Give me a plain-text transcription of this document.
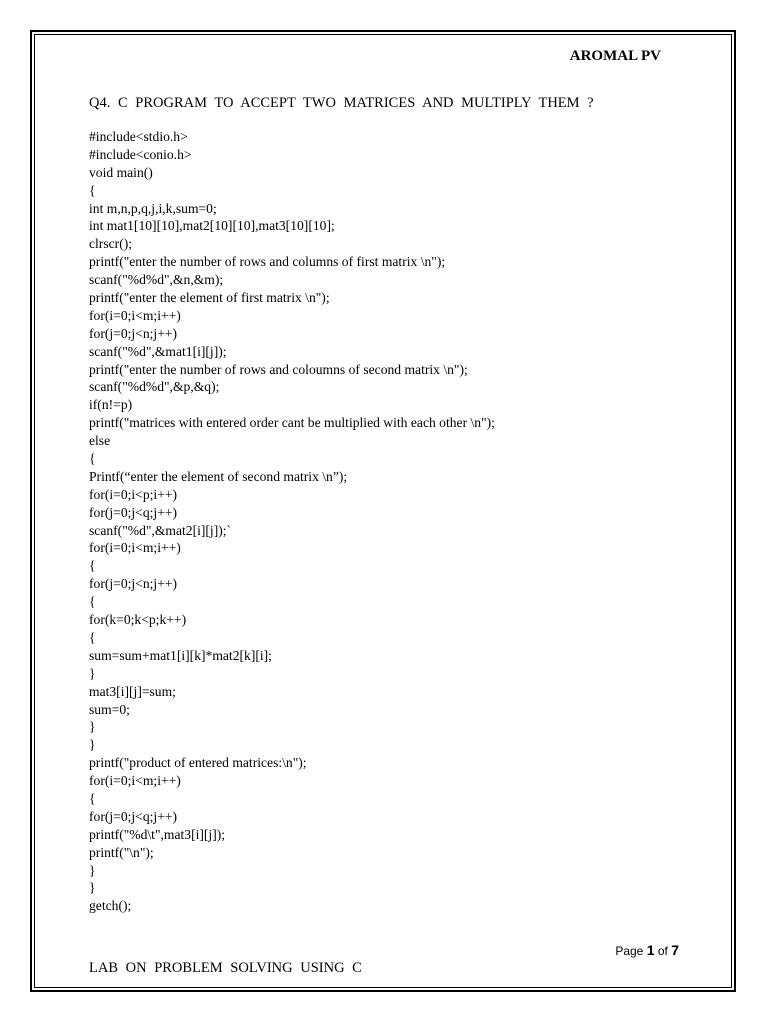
AROMAL PV
Q4. C PROGRAM TO ACCEPT TWO MATRICES AND MULTIPLY THEM ?
#include<stdio.h>
#include<conio.h>
void main()
{
int m,n,p,q,j,i,k,sum=0;
int mat1[10][10],mat2[10][10],mat3[10][10];
clrscr();
printf("enter the number of rows and columns of first matrix \n");
scanf("%d%d",&n,&m);
printf("enter the element of first matrix \n");
for(i=0;i<m;i++)
for(j=0;j<n;j++)
scanf("%d",&mat1[i][j]);
printf("enter the number of rows and coloumns of second matrix \n");
scanf("%d%d",&p,&q);
if(n!=p)
printf("matrices with entered order cant be multiplied with each other \n");
else
{
Printf(“enter the element of second matrix \n”);
for(i=0;i<p;i++)
for(j=0;j<q;j++)
scanf("%d",&mat2[i][j]);`
for(i=0;i<m;i++)
{
for(j=0;j<n;j++)
{
for(k=0;k<p;k++)
{
sum=sum+mat1[i][k]*mat2[k][i];
}
mat3[i][j]=sum;
sum=0;
}
}
printf("product of entered matrices:\n");
for(i=0;i<m;i++)
{
for(j=0;j<q;j++)
printf("%d\t",mat3[i][j]);
printf("\n");
}
}
getch();
Page 1 of 7
LAB ON PROBLEM SOLVING USING C
